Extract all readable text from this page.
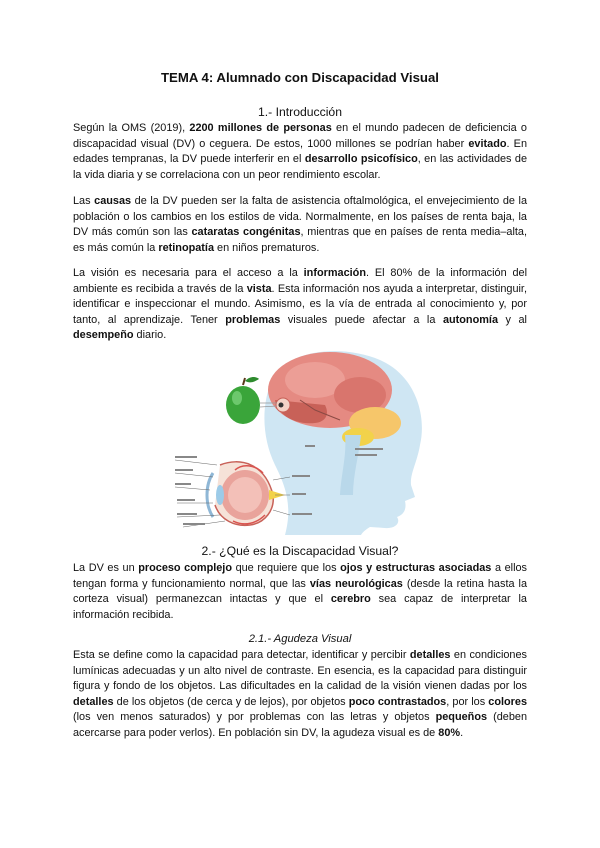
TEMA 4: Alumnado con Discapacidad Visual
1.- Introducción

Según la OMS (2019), 2200 millones de personas en el mundo padecen de deficiencia o discapacidad visual (DV) o ceguera. De estos, 1000 millones se podrían haber evitado. En edades tempranas, la DV puede interferir en el desarrollo psicofísico, en las actividades de la vida diaria y se correlaciona con un peor rendimiento escolar.

Las causas de la DV pueden ser la falta de asistencia oftalmológica, el envejecimiento de la población o los cambios en los estilos de vida. Normalmente, en los países de renta baja, la DV más común son las cataratas congénitas, mientras que en países de renta media–alta, es más común la retinopatía en niños prematuros.

La visión es necesaria para el acceso a la información. El 80% de la información del ambiente es recibida a través de la vista. Esta información nos ayuda a interpretar, distinguir, identificar e inspeccionar el mundo. Asimismo, es la vía de entrada al conocimiento y, por tanto, al aprendizaje. Tener problemas visuales puede afectar a la autonomía y al desempeño diario.

2.- ¿Qué es la Discapacidad Visual?

La DV es un proceso complejo que requiere que los ojos y estructuras asociadas a ellos tengan forma y funcionamiento normal, que las vías neurológicas (desde la retina hasta la corteza visual) permanezcan intactas y que el cerebro sea capaz de interpretar la información recibida.

2.1.- Agudeza Visual

Esta se define como la capacidad para detectar, identificar y percibir detalles en condiciones lumínicas adecuadas y un alto nivel de contraste. En esencia, es la capacidad para distinguir figura y fondo de los objetos. Las dificultades en la calidad de la visión vienen dadas por los detalles de los objetos (de cerca y de lejos), por objetos poco contrastados, por los colores (los ven menos saturados) y por problemas con las letras y objetos pequeños (deben acercarse para poder verlos). En población sin DV, la agudeza visual es de 80%.
